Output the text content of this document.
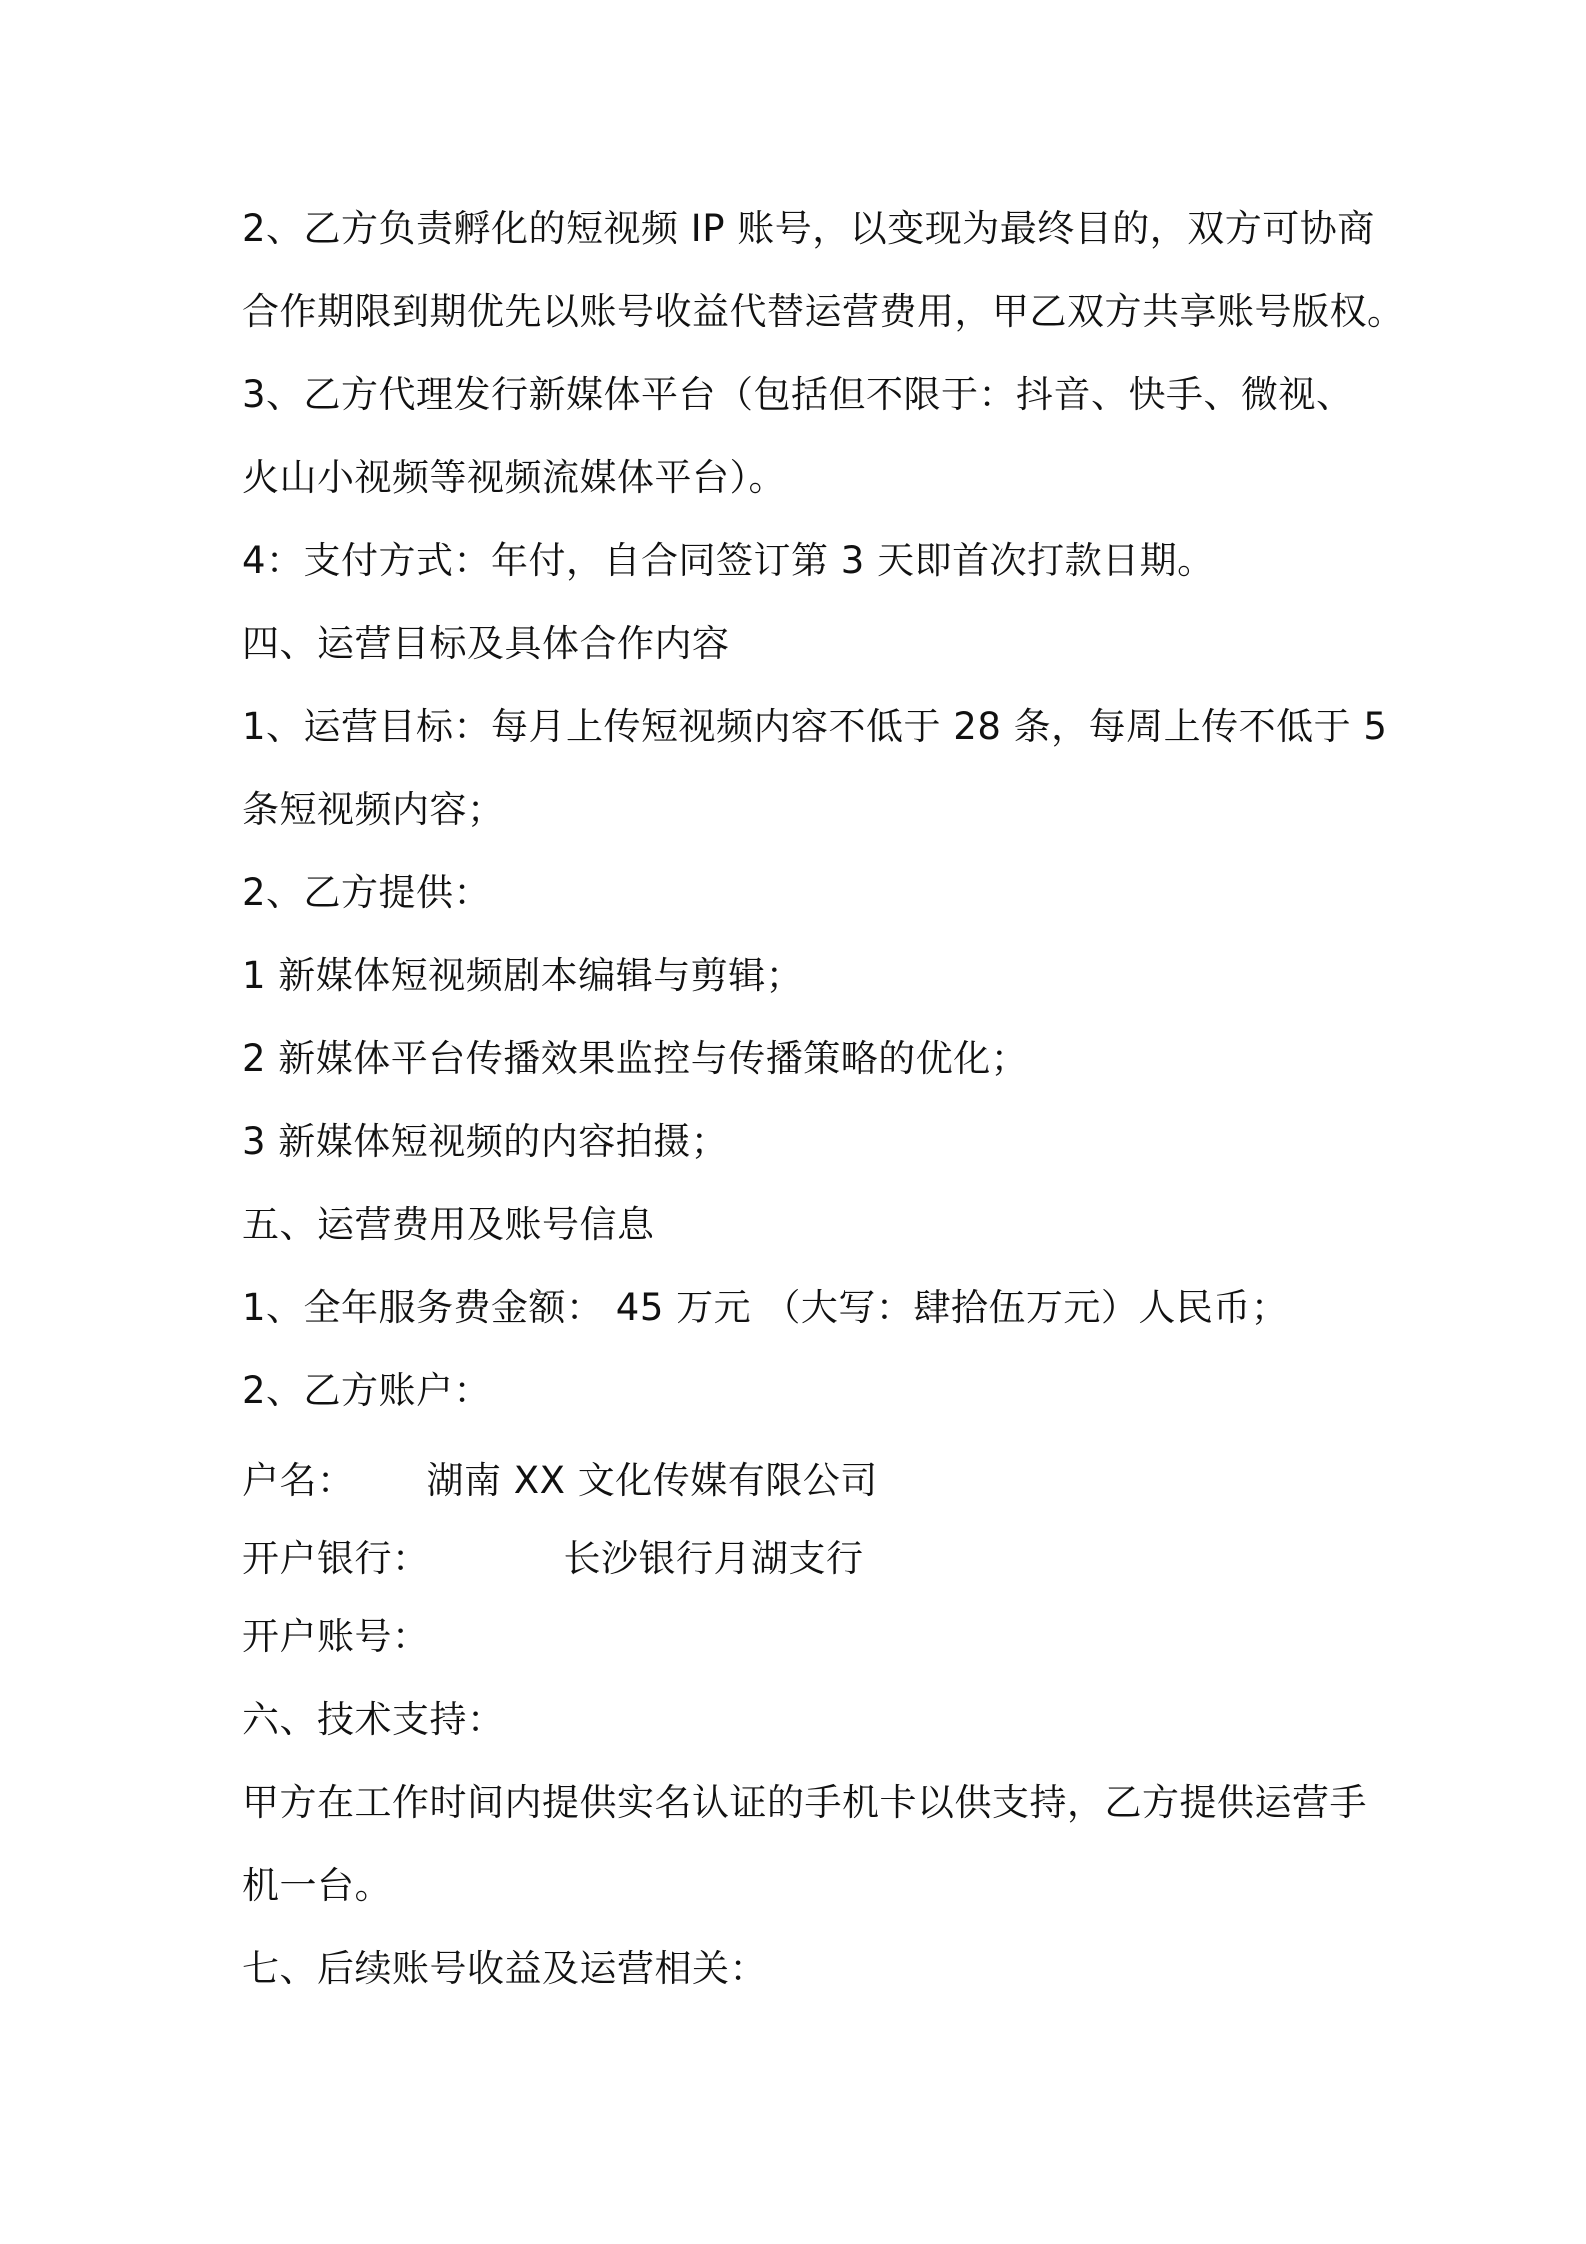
2、乙方负责孵化的短视频 IP 账号，以变现为最终目的，双方可协商
合作期限到期优先以账号收益代替运营费用，甲乙双方共享账号版权。
3、乙方代理发行新媒体平台（包括但不限于：抖音、快手、微视、
火山小视频等视频流媒体平台）。
4：支付方式：年付，自合同签订第 3 天即首次打款日期。
四、运营目标及具体合作内容
1、运营目标：每月上传短视频内容不低于 28 条，每周上传不低于 5
条短视频内容；
2、乙方提供：
1 新媒体短视频剧本编辑与剪辑；
2 新媒体平台传播效果监控与传播策略的优化；
3 新媒体短视频的内容拍摄；
五、运营费用及账号信息
1、全年服务费金额： 45 万元 （大写：肆拾伍万元）人民币；
2、乙方账户：
户名： 湖南 XX 文化传媒有限公司
开户银行：	长沙银行月湖支行
开户账号：
六、技术支持：
甲方在工作时间内提供实名认证的手机卡以供支持，乙方提供运营手
机一台。
七、后续账号收益及运营相关：
